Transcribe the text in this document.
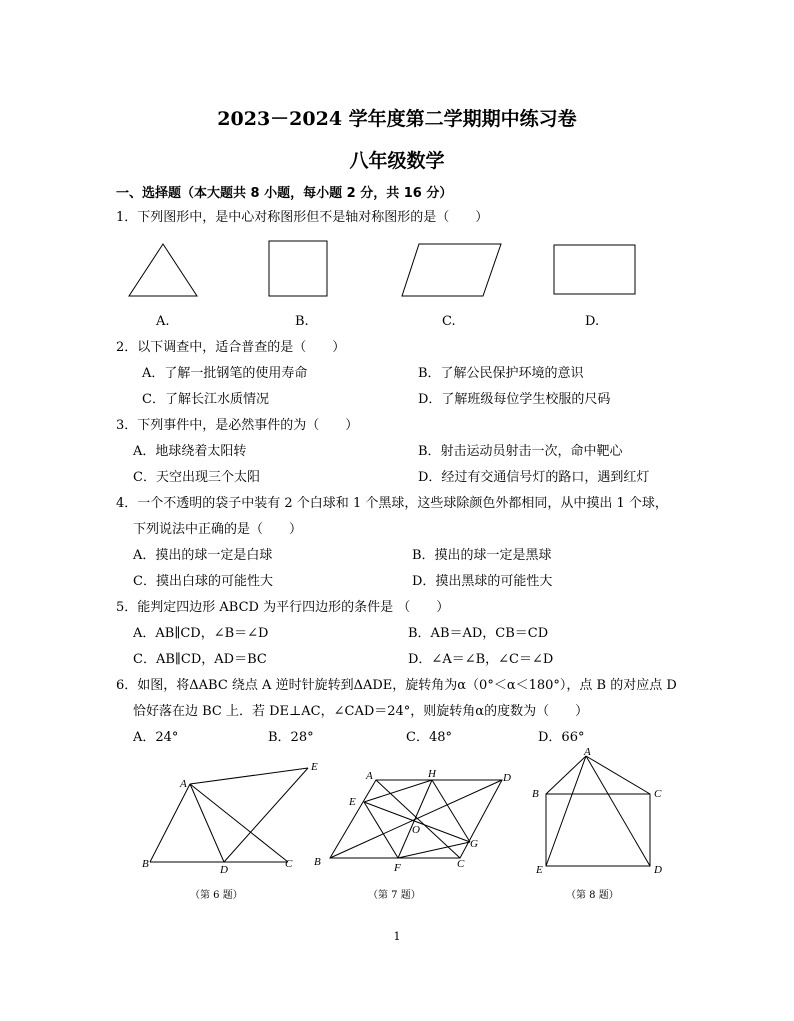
2023－2024 学年度第二学期期中练习卷
八年级数学
一、选择题（本大题共 8 小题，每小题 2 分，共 16 分）
1．下列图形中，是中心对称图形但不是轴对称图形的是（　　）
A.	B.	C.	D.
2．以下调查中，适合普查的是（　　）
A．了解一批钢笔的使用寿命	B．了解公民保护环境的意识
C．了解长江水质情况	D．了解班级每位学生校服的尺码
3．下列事件中，是必然事件的为（　　）
A．地球绕着太阳转	B．射击运动员射击一次，命中靶心
C．天空出现三个太阳	D．经过有交通信号灯的路口，遇到红灯
4．一个不透明的袋子中装有 2 个白球和 1 个黑球，这些球除颜色外都相同，从中摸出 1 个球，
下列说法中正确的是（　　）
A．摸出的球一定是白球	B．摸出的球一定是黑球
C．摸出白球的可能性大	D．摸出黑球的可能性大
5．能判定四边形 ABCD 为平行四边形的条件是 （　　）
A．AB∥CD，∠B＝∠D	B．AB＝AD，CB＝CD
C．AB∥CD，AD＝BC	D．∠A＝∠B，∠C＝∠D
6．如图，将ΔABC 绕点 A 逆时针旋转到ΔADE，旋转角为α（0°＜α＜180°），点 B 的对应点 D
恰好落在边 BC 上．若 DE⊥AC，∠CAD＝24°，则旋转角α的度数为（　　）
A．24°	B．28°	C．48°	D．66°
A
E
B	D	C
（第 6 题）
A	H	D
E
O
G
B	F	C
（第 7 题）
A
B	C
E	D
（第 8 题）
1
